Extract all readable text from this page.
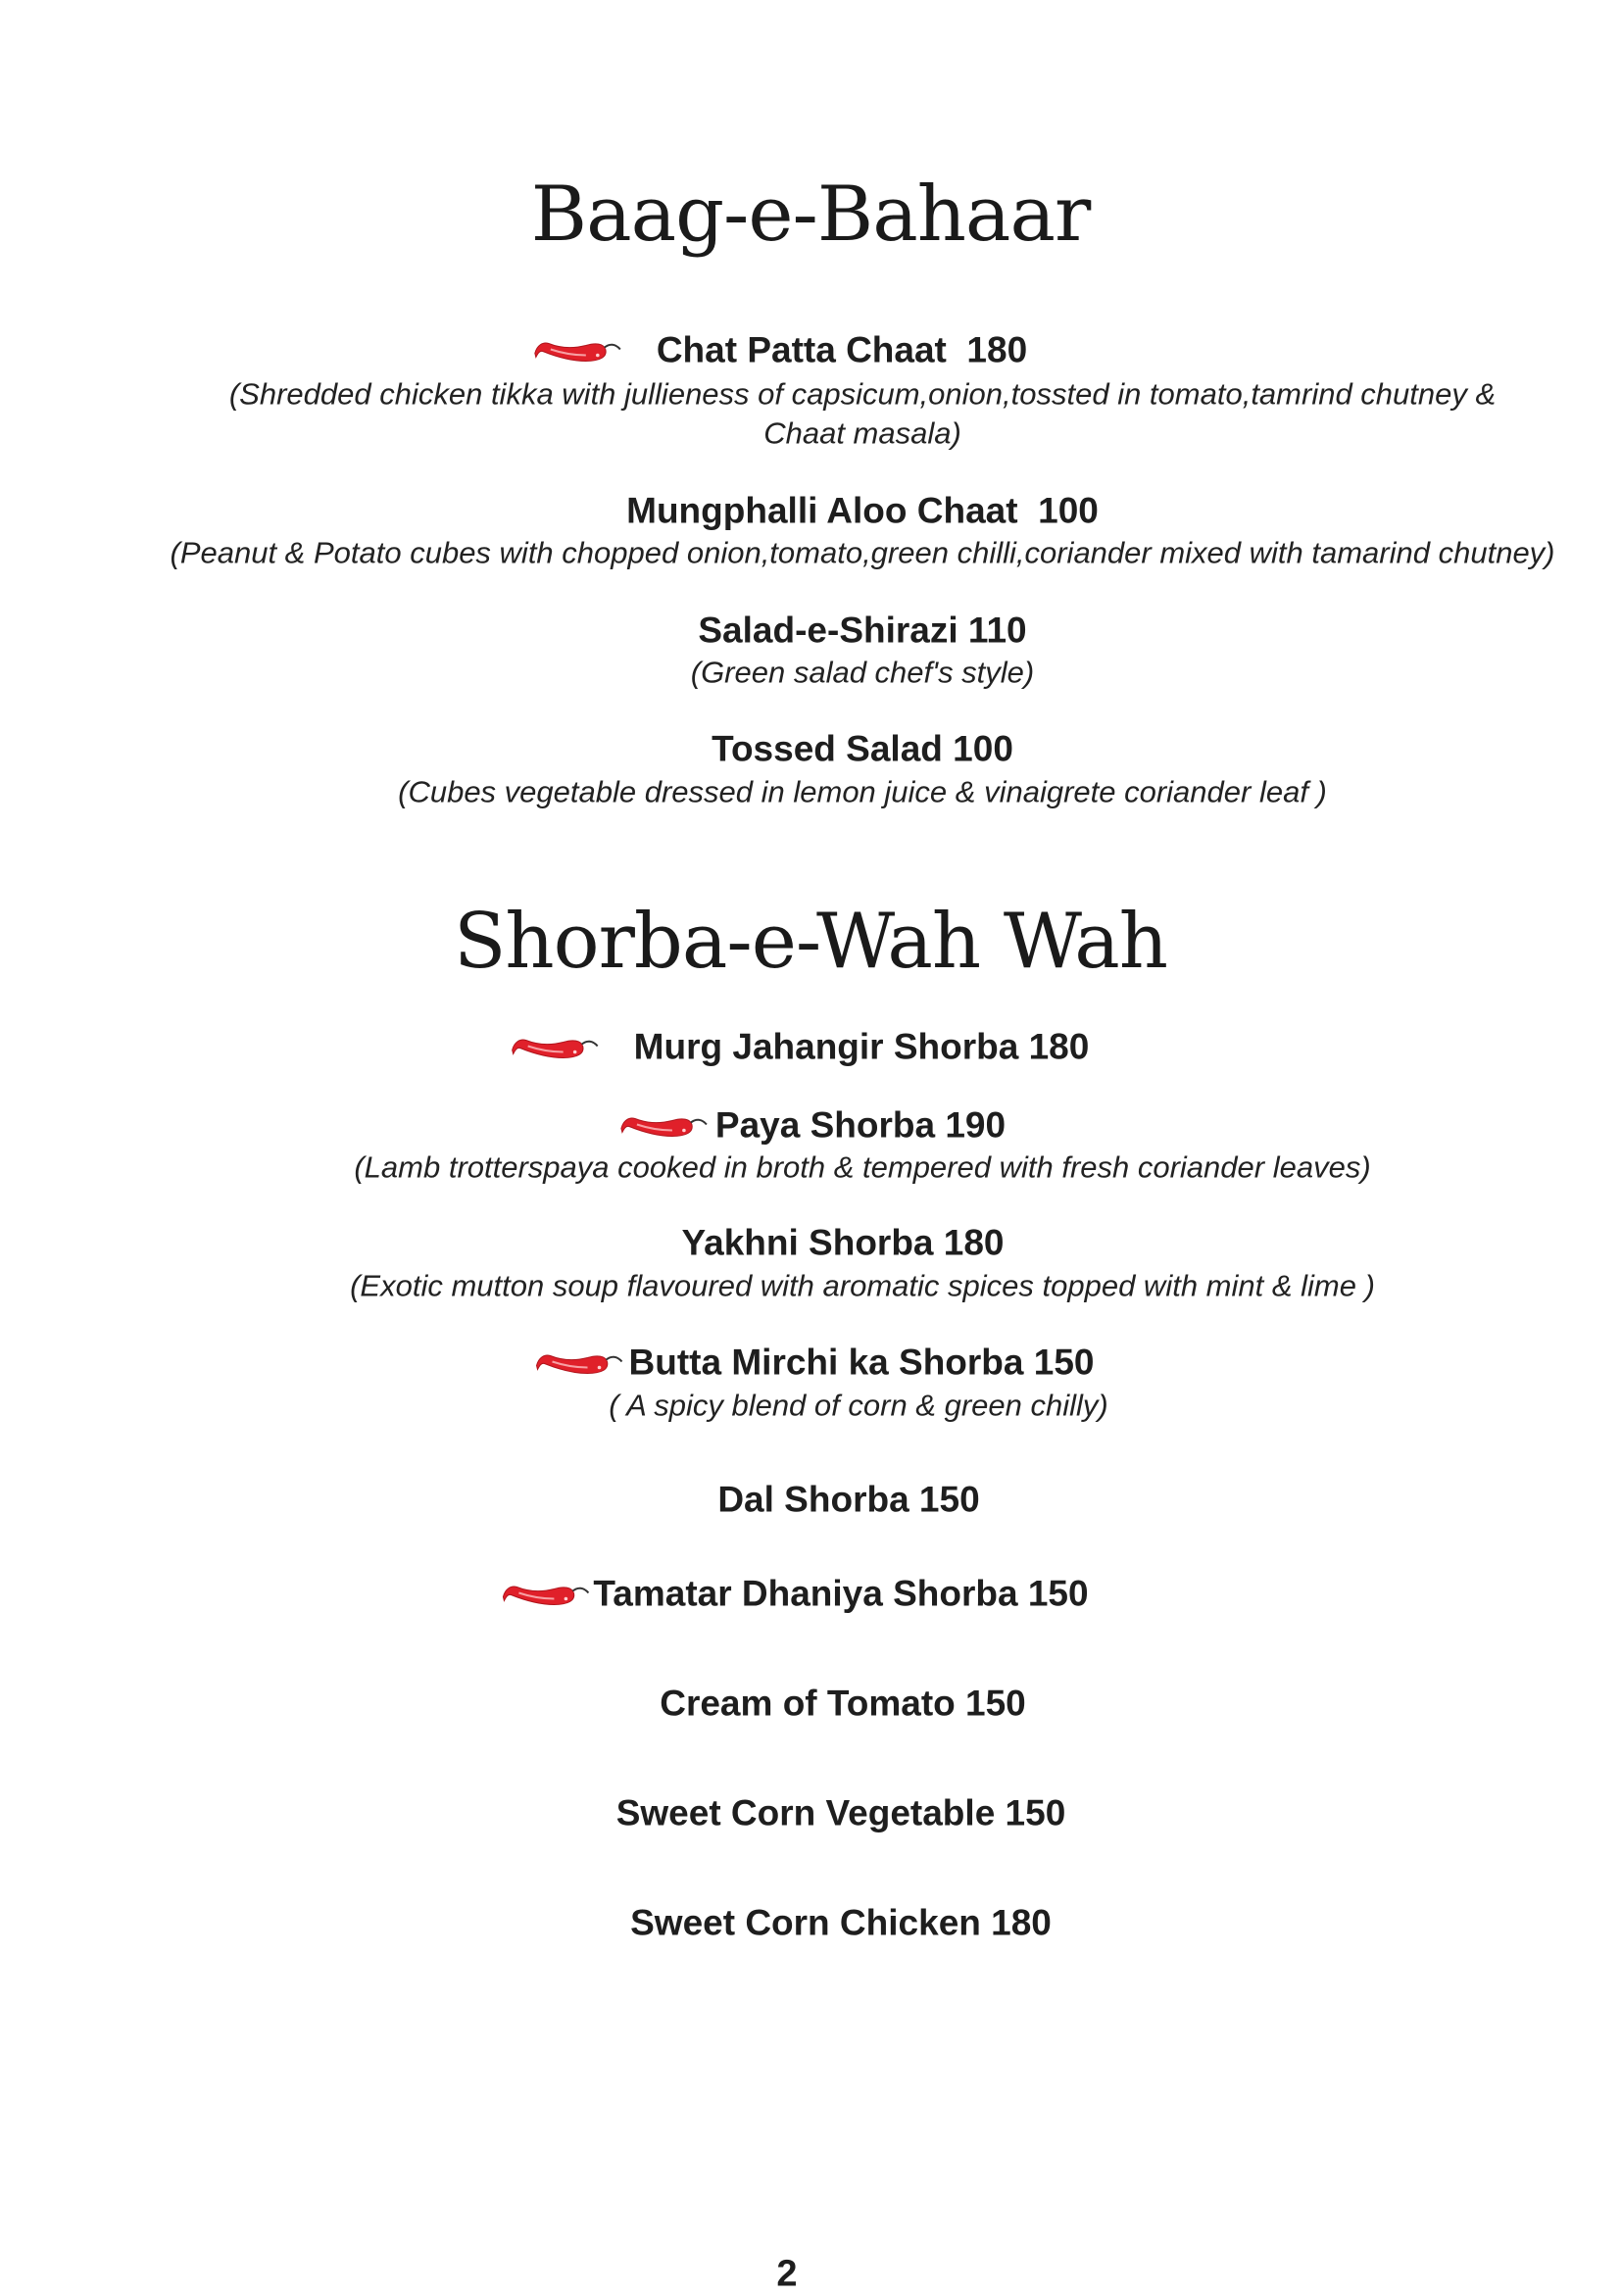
Baag-e-Bahaar
Chat Patta Chaat  180
(Shredded chicken tikka with jullieness of capsicum,onion,tossted in tomato,tamrind chutney &
Chaat masala)
Mungphalli Aloo Chaat  100
(Peanut & Potato cubes with chopped onion,tomato,green chilli,coriander mixed with tamarind chutney)
Salad-e-Shirazi 110
(Green salad chef's style)
Tossed Salad 100
(Cubes vegetable dressed in lemon juice & vinaigrete coriander leaf )
Shorba-e-Wah Wah
Murg Jahangir Shorba 180
Paya Shorba 190
(Lamb trotterspaya cooked in broth & tempered with fresh coriander leaves)
Yakhni Shorba 180
(Exotic mutton soup flavoured with aromatic spices topped with mint & lime )
Butta Mirchi ka Shorba 150
( A spicy blend of corn & green chilly)
Dal Shorba 150
Tamatar Dhaniya Shorba 150
Cream of Tomato 150
Sweet Corn Vegetable 150
Sweet Corn Chicken 180
2
